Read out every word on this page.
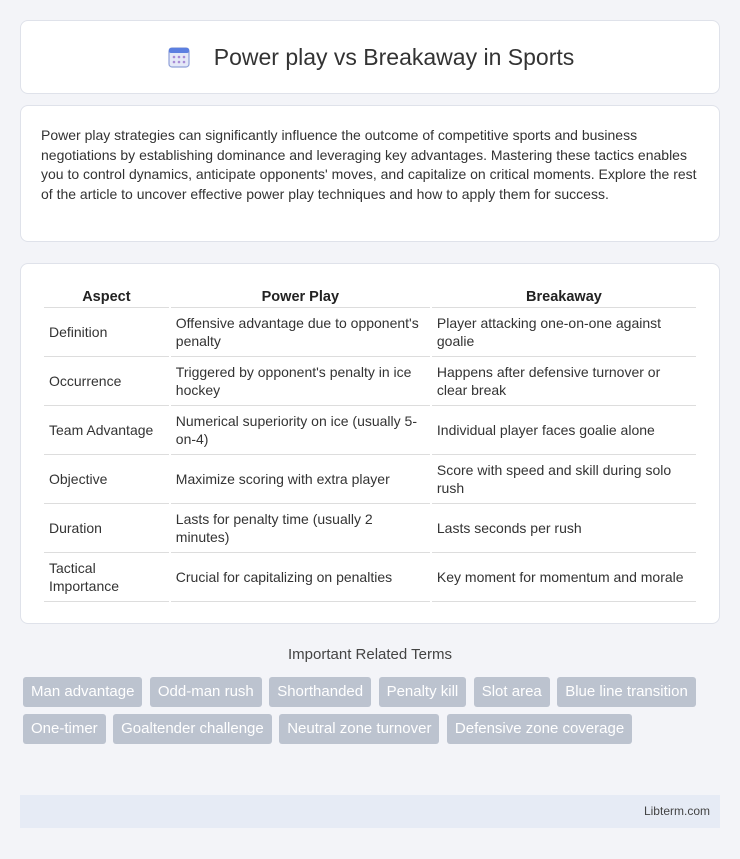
Power play vs Breakaway in Sports

Power play strategies can significantly influence the outcome of competitive sports and business negotiations by establishing dominance and leveraging key advantages. Mastering these tactics enables you to control dynamics, anticipate opponents' moves, and capitalize on critical moments. Explore the rest of the article to uncover effective power play techniques and how to apply them for success.

Aspect	Power Play	Breakaway
Definition	Offensive advantage due to opponent's penalty	Player attacking one-on-one against goalie
Occurrence	Triggered by opponent's penalty in ice hockey	Happens after defensive turnover or clear break
Team Advantage	Numerical superiority on ice (usually 5-on-4)	Individual player faces goalie alone
Objective	Maximize scoring with extra player	Score with speed and skill during solo rush
Duration	Lasts for penalty time (usually 2 minutes)	Lasts seconds per rush
Tactical Importance	Crucial for capitalizing on penalties	Key moment for momentum and morale
Important Related Terms
Man advantage Odd-man rush Shorthanded Penalty kill Slot area Blue line transition One-timer Goaltender challenge Neutral zone turnover Defensive zone coverage
Libterm.com
